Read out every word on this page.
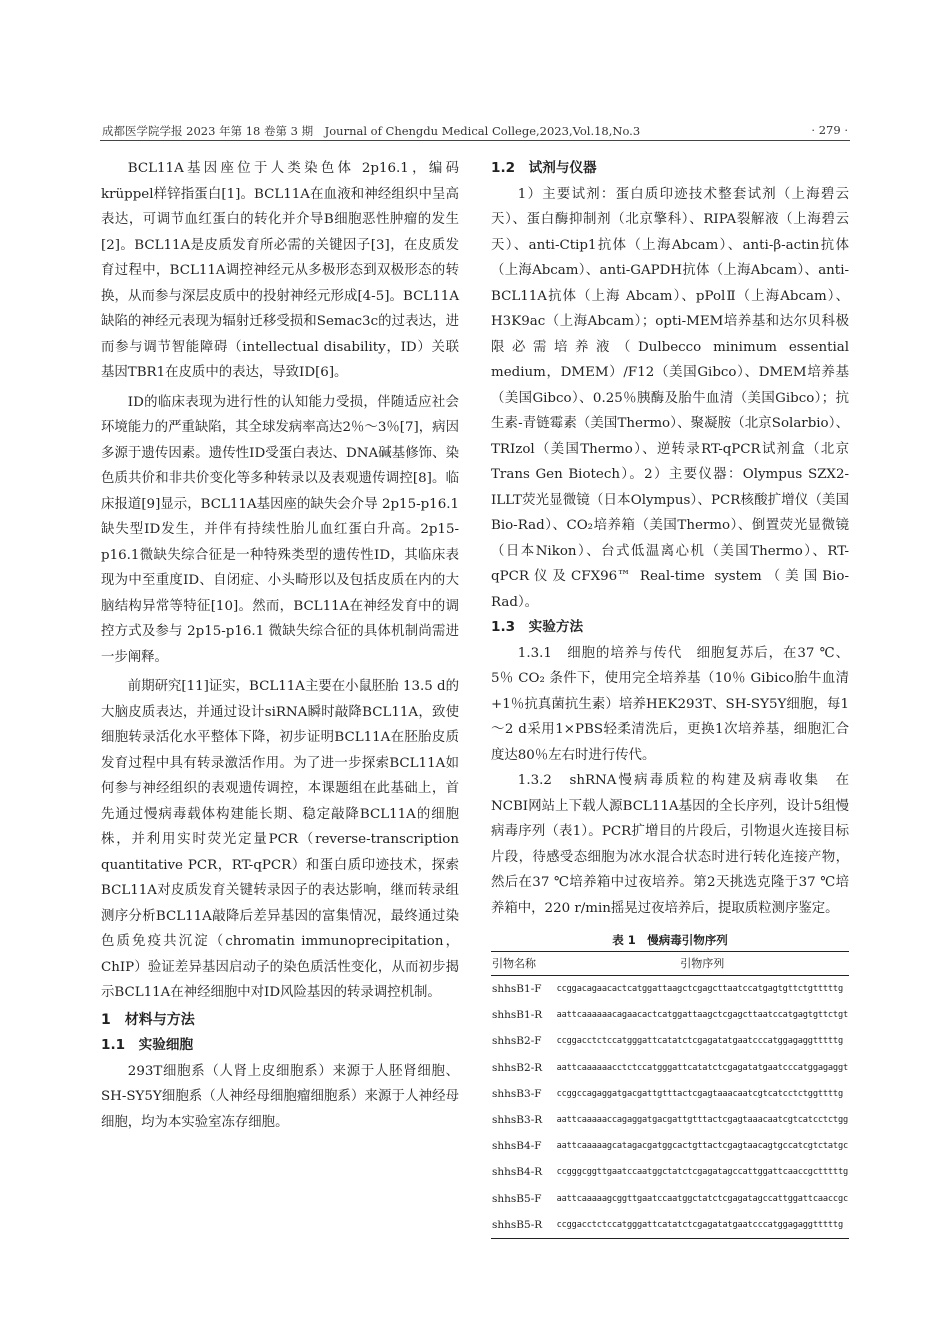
成都医学院学报 2023 年第 18 卷第 3 期　Journal of Chengdu Medical College,2023,Vol.18,No.3	· 279 ·

BCL11A基因座位于人类染色体 2p16.1，编码krüppel样锌指蛋白[1]。BCL11A在血液和神经组织中呈高表达，可调节血红蛋白的转化并介导B细胞恶性肿瘤的发生[2]。BCL11A是皮质发育所必需的关键因子[3]，在皮质发育过程中，BCL11A调控神经元从多极形态到双极形态的转换，从而参与深层皮质中的投射神经元形成[4-5]。BCL11A缺陷的神经元表现为辐射迁移受损和Semac3c的过表达，进而参与调节智能障碍（intellectual disability，ID）关联基因TBR1在皮质中的表达，导致ID[6]。

ID的临床表现为进行性的认知能力受损，伴随适应社会环境能力的严重缺陷，其全球发病率高达2％～3％[7]，病因多源于遗传因素。遗传性ID受蛋白表达、DNA碱基修饰、染色质共价和非共价变化等多种转录以及表观遗传调控[8]。临床报道[9]显示，BCL11A基因座的缺失会介导 2p15-p16.1缺失型ID发生，并伴有持续性胎儿血红蛋白升高。2p15-p16.1微缺失综合征是一种特殊类型的遗传性ID，其临床表现为中至重度ID、自闭症、小头畸形以及包括皮质在内的大脑结构异常等特征[10]。然而，BCL11A在神经发育中的调控方式及参与 2p15-p16.1 微缺失综合征的具体机制尚需进一步阐释。

前期研究[11]证实，BCL11A主要在小鼠胚胎 13.5 d的大脑皮质表达，并通过设计siRNA瞬时敲降BCL11A，致使细胞转录活化水平整体下降，初步证明BCL11A在胚胎皮质发育过程中具有转录激活作用。为了进一步探索BCL11A如何参与神经组织的表观遗传调控，本课题组在此基础上，首先通过慢病毒载体构建能长期、稳定敲降BCL11A的细胞株，并利用实时荧光定量PCR（reverse-transcription quantitative PCR，RT-qPCR）和蛋白质印迹技术，探索BCL11A对皮质发育关键转录因子的表达影响，继而转录组测序分析BCL11A敲降后差异基因的富集情况，最终通过染色质免疫共沉淀（chromatin immunoprecipitation，ChIP）验证差异基因启动子的染色质活性变化，从而初步揭示BCL11A在神经细胞中对ID风险基因的转录调控机制。

1　材料与方法
1.1　实验细胞

293T细胞系（人肾上皮细胞系）来源于人胚肾细胞、SH-SY5Y细胞系（人神经母细胞瘤细胞系）来源于人神经母细胞，均为本实验室冻存细胞。

1.2　试剂与仪器

1）主要试剂：蛋白质印迹技术整套试剂（上海碧云天）、蛋白酶抑制剂（北京擎科）、RIPA裂解液（上海碧云天）、anti-Ctip1抗体（上海Abcam）、anti-β-actin抗体（上海Abcam）、anti-GAPDH抗体（上海Abcam）、anti-BCL11A抗体（上海 Abcam）、pPolⅡ（上海Abcam）、H3K9ac（上海Abcam）；opti-MEM培养基和达尔贝科极限必需培养液（Dulbecco minimum essential medium，DMEM）/F12（美国Gibco）、DMEM培养基（美国Gibco）、0.25％胰酶及胎牛血清（美国Gibco）；抗生素-青链霉素（美国Thermo）、聚凝胺（北京Solarbio）、TRIzol（美国Thermo）、逆转录RT-qPCR试剂盒（北京Trans Gen Biotech）。2）主要仪器：Olympus SZX2-ILLT荧光显微镜（日本Olympus）、PCR核酸扩增仪（美国Bio-Rad）、CO₂培养箱（美国Thermo）、倒置荧光显微镜（日本Nikon）、台式低温离心机（美国Thermo）、RT-qPCR仪及CFX96™ Real-time system（美国Bio-Rad）。

1.3　实验方法

1.3.1　细胞的培养与传代　细胞复苏后，在37 ℃、5％ CO₂ 条件下，使用完全培养基（10％ Gibico胎牛血清+1％抗真菌抗生素）培养HEK293T、SH-SY5Y细胞，每1～2 d采用1×PBS轻柔清洗后，更换1次培养基，细胞汇合度达80％左右时进行传代。

1.3.2　shRNA慢病毒质粒的构建及病毒收集　在NCBI网站上下载人源BCL11A基因的全长序列，设计5组慢病毒序列（表1）。PCR扩增目的片段后，引物退火连接目标片段，待感受态细胞为冰水混合状态时进行转化连接产物，然后在37 ℃培养箱中过夜培养。第2天挑选克隆于37 ℃培养箱中，220 r/min摇晃过夜培养后，提取质粒测序鉴定。

表 1　慢病毒引物序列
引物名称	引物序列
shhsB1-F	ccggacagaacactcatggattaagctcgagcttaatccatgagtgttctgtttttg
shhsB1-R	aattcaaaaaacagaacactcatggattaagctcgagcttaatccatgagtgttctgt
shhsB2-F	ccggacctctccatgggattcatatctcgagatatgaatcccatggagaggtttttg
shhsB2-R	aattcaaaaaacctctccatgggattcatatctcgagatatgaatcccatggagaggt
shhsB3-F	ccggccagaggatgacgattgtttactcgagtaaacaatcgtcatcctctggttttg
shhsB3-R	aattcaaaaaccagaggatgacgattgtttactcgagtaaacaatcgtcatcctctgg
shhsB4-F	aattcaaaaagcatagacgatggcactgttactcgagtaacagtgccatcgtctatgc
shhsB4-R	ccgggcggttgaatccaatggctatctcgagatagccattggattcaaccgctttttg
shhsB5-F	aattcaaaaagcggttgaatccaatggctatctcgagatagccattggattcaaccgc
shhsB5-R	ccggacctctccatgggattcatatctcgagatatgaatcccatggagaggtttttg
